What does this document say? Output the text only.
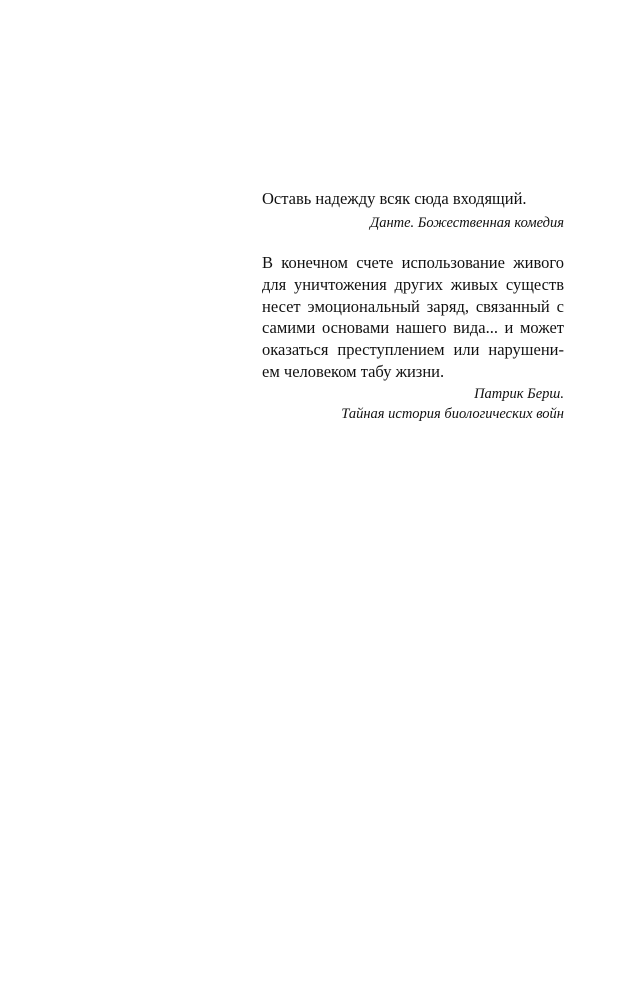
Оставь надежду всяк сюда входящий.
Данте. Божественная комедия
В конечном счете использование живого
для уничтожения других живых существ
несет эмоциональный заряд, связанный с
самими основами нашего вида... и может
оказаться преступлением или нарушени-
ем человеком табу жизни.
Патрик Берш.
Тайная история биологических войн
